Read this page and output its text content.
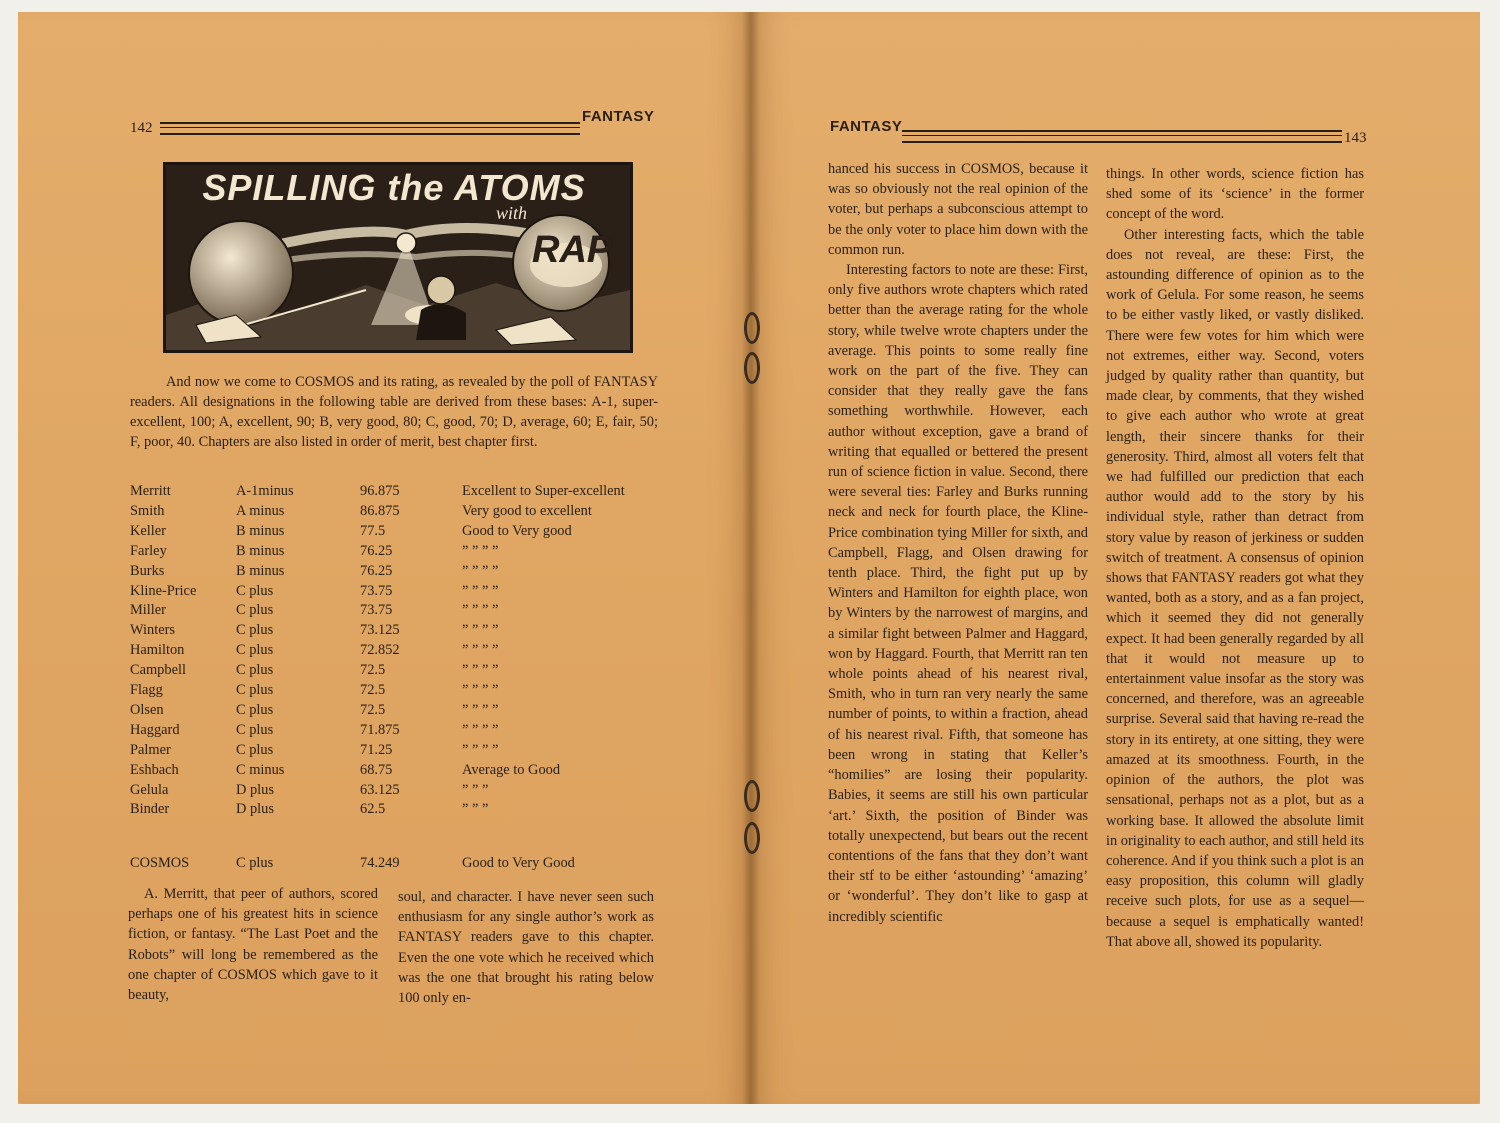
142
FANTASY
SPILLING the ATOMS
with
RAP

And now we come to COSMOS and its rating, as revealed by the poll of FANTASY readers. All designations in the following table are derived from these bases: A-1, super-excellent, 100; A, excellent, 90; B, very good, 80; C, good, 70; D, average, 60; E, fair, 50; F, poor, 40. Chapters are also listed in order of merit, best chapter first.

Merritt	A-1minus	96.875	Excellent to Super-excellent
Smith	A minus	86.875	Very good to excellent
Keller	B minus	77.5	Good to Very good
Farley	B minus	76.25	” ” ” ”
Burks	B minus	76.25	” ” ” ”
Kline-Price	C plus	73.75	” ” ” ”
Miller	C plus	73.75	” ” ” ”
Winters	C plus	73.125	” ” ” ”
Hamilton	C plus	72.852	” ” ” ”
Campbell	C plus	72.5	” ” ” ”
Flagg	C plus	72.5	” ” ” ”
Olsen	C plus	72.5	” ” ” ”
Haggard	C plus	71.875	” ” ” ”
Palmer	C plus	71.25	” ” ” ”
Eshbach	C minus	68.75	Average to Good
Gelula	D plus	63.125	” ” ”
Binder	D plus	62.5	” ” ”
COSMOS	C plus	74.249	Good to Very Good
A. Merritt, that peer of authors, scored perhaps one of his greatest hits in science fiction, or fantasy. “The Last Poet and the Robots” will long be remembered as the one chapter of COSMOS which gave to it beauty,
soul, and character. I have never seen such enthusiasm for any single author’s work as FANTASY readers gave to this chapter. Even the one vote which he received which was the one that brought his rating below 100 only en-
FANTASY
143

hanced his success in COSMOS, because it was so obviously not the real opinion of the voter, but perhaps a subconscious attempt to be the only voter to place him down with the common run.

Interesting factors to note are these: First, only five authors wrote chapters which rated better than the average rating for the whole story, while twelve wrote chapters under the average. This points to some really fine work on the part of the five. They can consider that they really gave the fans something worthwhile. However, each author without exception, gave a brand of writing that equalled or bettered the present run of science fiction in value. Second, there were several ties: Farley and Burks running neck and neck for fourth place, the Kline-Price combination tying Miller for sixth, and Campbell, Flagg, and Olsen drawing for tenth place. Third, the fight put up by Winters and Hamilton for eighth place, won by Winters by the narrowest of margins, and a similar fight between Palmer and Haggard, won by Haggard. Fourth, that Merritt ran ten whole points ahead of his nearest rival, Smith, who in turn ran very nearly the same number of points, to within a fraction, ahead of his nearest rival. Fifth, that someone has been wrong in stating that Keller’s “homilies” are losing their popularity. Babies, it seems are still his own particular ‘art.’ Sixth, the position of Binder was totally unexpectend, but bears out the recent contentions of the fans that they don’t want their stf to be either ‘astounding’ ‘amazing’ or ‘wonderful’. They don’t like to gasp at incredibly scientific

things. In other words, science fiction has shed some of its ‘science’ in the former concept of the word.

Other interesting facts, which the table does not reveal, are these: First, the astounding difference of opinion as to the work of Gelula. For some reason, he seems to be either vastly liked, or vastly disliked. There were few votes for him which were not extremes, either way. Second, voters judged by quality rather than quantity, but made clear, by comments, that they wished to give each author who wrote at great length, their sincere thanks for their generosity. Third, almost all voters felt that we had fulfilled our prediction that each author would add to the story by his individual style, rather than detract from story value by reason of jerkiness or sudden switch of treatment. A consensus of opinion shows that FANTASY readers got what they wanted, both as a story, and as a fan project, which it seemed they did not generally expect. It had been generally regarded by all that it would not measure up to entertainment value insofar as the story was concerned, and therefore, was an agreeable surprise. Several said that having re-read the story in its entirety, at one sitting, they were amazed at its smoothness. Fourth, in the opinion of the authors, the plot was sensational, perhaps not as a plot, but as a working base. It allowed the absolute limit in originality to each author, and still held its coherence. And if you think such a plot is an easy proposition, this column will gladly receive such plots, for use as a sequel—because a sequel is emphatically wanted! That above all, showed its popularity.
